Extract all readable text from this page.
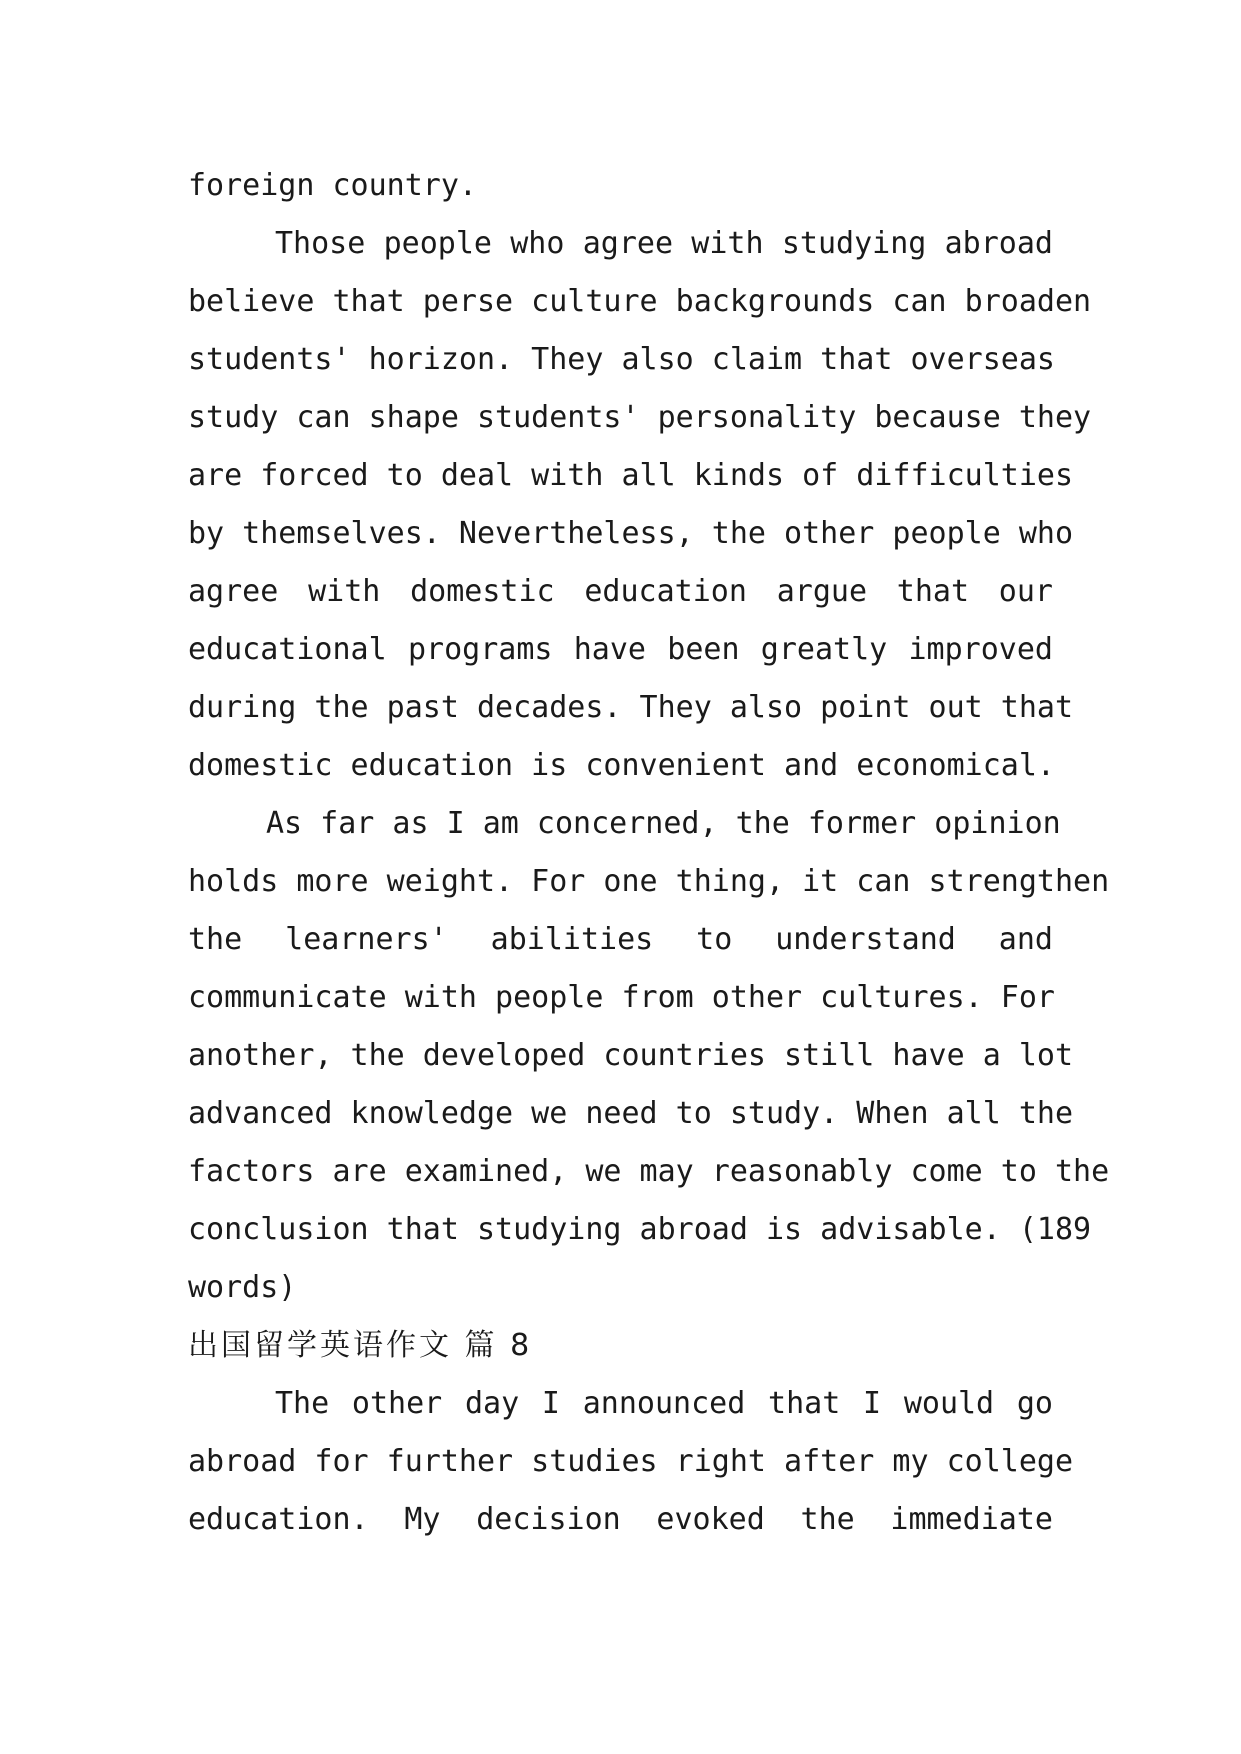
foreign country.

Those people who agree with studying abroad

believe that perse culture backgrounds can broaden

students' horizon. They also claim that overseas

study can shape students' personality because they

are forced to deal with all kinds of difficulties

by themselves. Nevertheless, the other people who

agree with domestic education argue that our

educational programs have been greatly improved

during the past decades. They also point out that

domestic education is convenient and economical.

As far as I am concerned, the former opinion

holds more weight. For one thing, it can strengthen

the learners' abilities to understand and

communicate with people from other cultures. For

another, the developed countries still have a lot

advanced knowledge we need to study. When all the

factors are examined, we may reasonably come to the

conclusion that studying abroad is advisable. (189

words)

出国留学英语作文 篇 8

The other day I announced that I would go

abroad for further studies right after my college

education. My decision evoked the immediate
